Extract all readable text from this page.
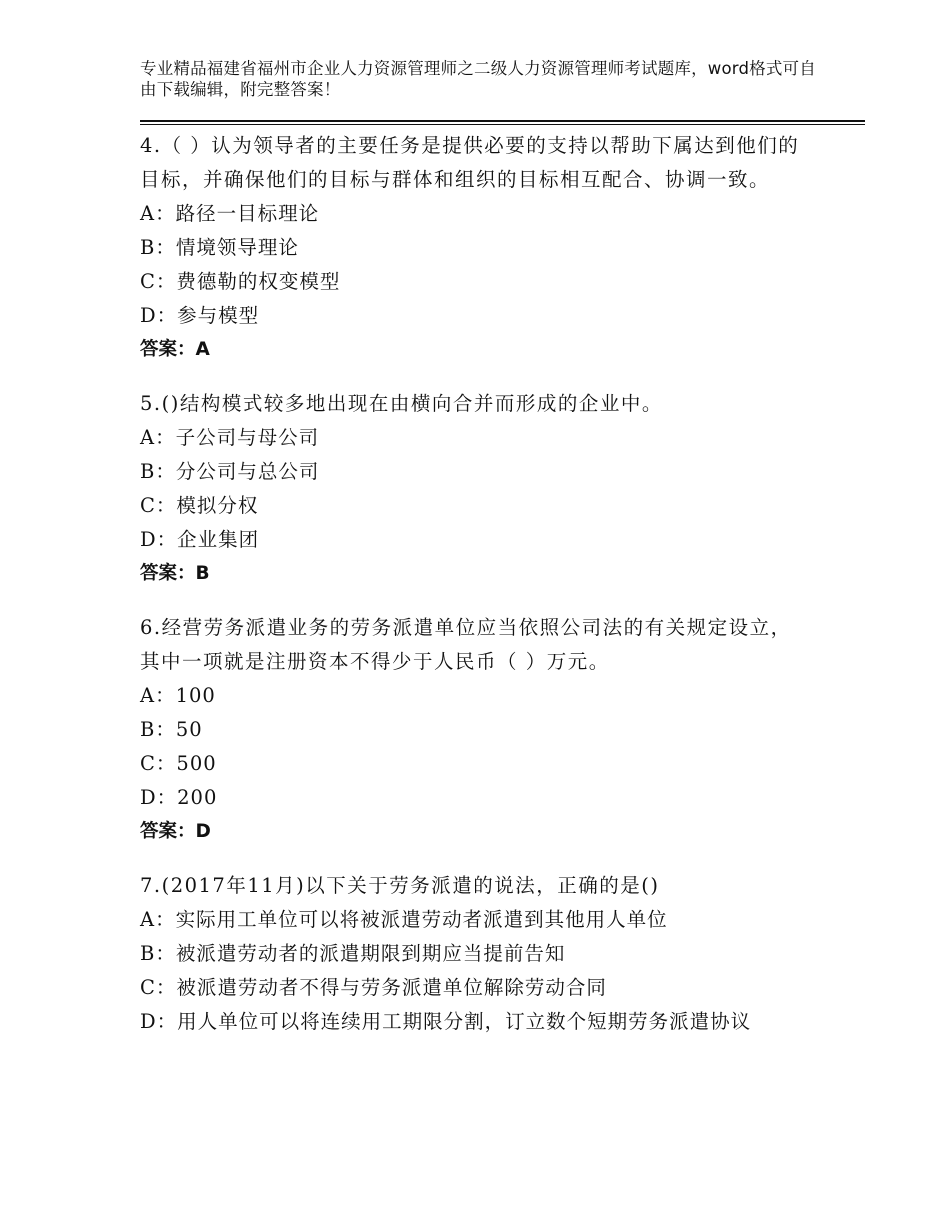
专业精品福建省福州市企业人力资源管理师之二级人力资源管理师考试题库，word格式可自由下载编辑，附完整答案！
4.（ ）认为领导者的主要任务是提供必要的支持以帮助下属达到他们的目标，并确保他们的目标与群体和组织的目标相互配合、协调一致。
A：路径一目标理论
B：情境领导理论
C：费德勒的权变模型
D：参与模型
答案：A
5.()结构模式较多地出现在由横向合并而形成的企业中。
A：子公司与母公司
B：分公司与总公司
C：模拟分权
D：企业集团
答案：B
6.经营劳务派遣业务的劳务派遣单位应当依照公司法的有关规定设立，其中一项就是注册资本不得少于人民币（ ）万元。
A：100
B：50
C：500
D：200
答案：D
7.(2017年11月)以下关于劳务派遣的说法，正确的是()
A：实际用工单位可以将被派遣劳动者派遣到其他用人单位
B：被派遣劳动者的派遣期限到期应当提前告知
C：被派遣劳动者不得与劳务派遣单位解除劳动合同
D：用人单位可以将连续用工期限分割，订立数个短期劳务派遣协议
